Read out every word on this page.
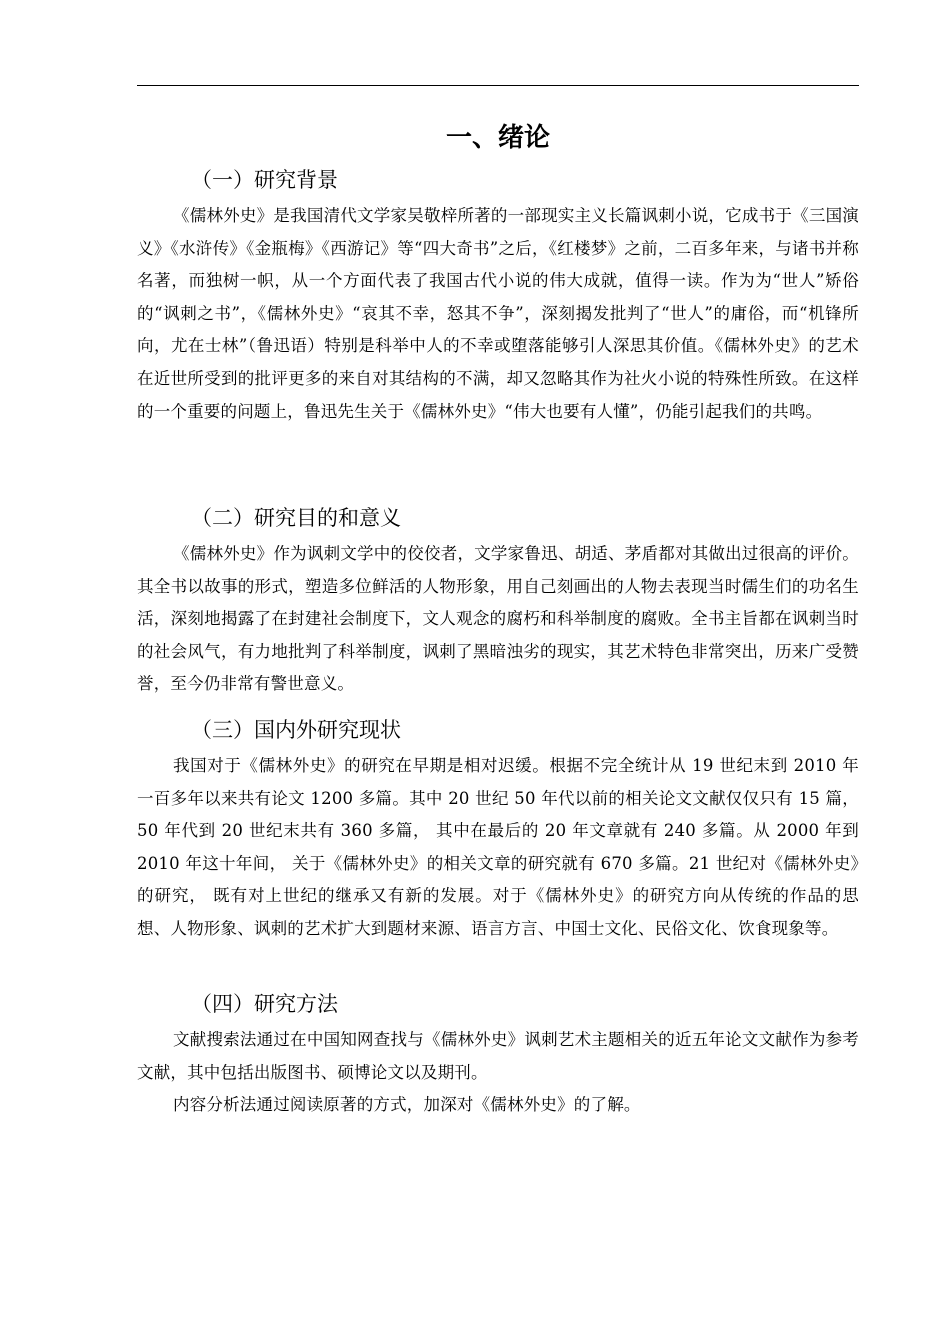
一、绪论
（一）研究背景

《儒林外史》是我国清代文学家吴敬梓所著的一部现实主义长篇讽刺小说，它成书于《三国演义》《水浒传》《金瓶梅》《西游记》等“四大奇书”之后，《红楼梦》之前，二百多年来，与诸书并称名著，而独树一帜，从一个方面代表了我国古代小说的伟大成就，值得一读。作为为“世人”矫俗的“讽刺之书”，《儒林外史》“哀其不幸，怒其不争”，深刻揭发批判了“世人”的庸俗，而“机锋所向，尤在士林”（鲁迅语）特别是科举中人的不幸或堕落能够引人深思其价值。《儒林外史》的艺术在近世所受到的批评更多的来自对其结构的不满，却又忽略其作为社火小说的特殊性所致。在这样的一个重要的问题上，鲁迅先生关于《儒林外史》“伟大也要有人懂”，仍能引起我们的共鸣。

（二）研究目的和意义

《儒林外史》作为讽刺文学中的佼佼者，文学家鲁迅、胡适、茅盾都对其做出过很高的评价。其全书以故事的形式，塑造多位鲜活的人物形象，用自己刻画出的人物去表现当时儒生们的功名生活，深刻地揭露了在封建社会制度下，文人观念的腐朽和科举制度的腐败。全书主旨都在讽刺当时的社会风气，有力地批判了科举制度，讽刺了黑暗浊劣的现实，其艺术特色非常突出，历来广受赞誉，至今仍非常有警世意义。

（三）国内外研究现状

我国对于《儒林外史》的研究在早期是相对迟缓。根据不完全统计从 19 世纪末到 2010 年一百多年以来共有论文 1200 多篇。其中 20 世纪 50 年代以前的相关论文文献仅仅只有 15 篇， 50 年代到 20 世纪末共有 360 多篇， 其中在最后的 20 年文章就有 240 多篇。从 2000 年到 2010 年这十年间， 关于《儒林外史》的相关文章的研究就有 670 多篇。21 世纪对《儒林外史》的研究， 既有对上世纪的继承又有新的发展。对于《儒林外史》的研究方向从传统的作品的思想、人物形象、讽刺的艺术扩大到题材来源、语言方言、中国士文化、民俗文化、饮食现象等。

（四）研究方法

文献搜索法通过在中国知网查找与《儒林外史》讽刺艺术主题相关的近五年论文文献作为参考文献，其中包括出版图书、硕博论文以及期刊。

内容分析法通过阅读原著的方式，加深对《儒林外史》的了解。
